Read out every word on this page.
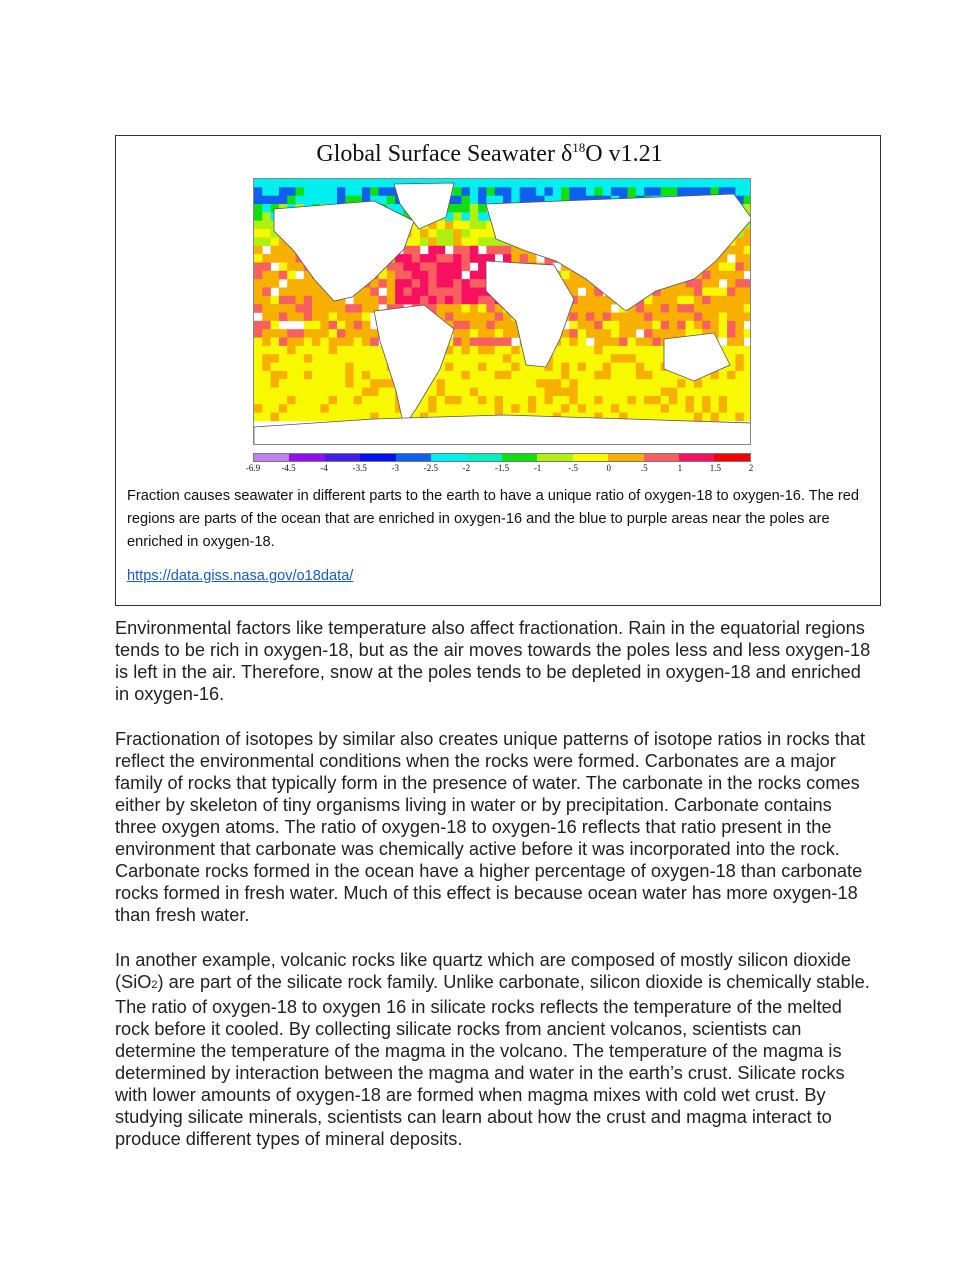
Global Surface Seawater $\delta^{18}O$ v1.21
-6.9 -4.5	-4	-3.5	-3	-2.5	-2	-1.5	-1	-.5	0	.5	1	1.5	2
Fraction causes seawater in different parts to the earth to have a unique ratio of oxygen-18 to oxygen-16. The red regions are parts of the ocean that are enriched in oxygen-16 and the blue to purple areas near the poles are enriched in oxygen-18.
https://data.giss.nasa.gov/o18data/
Environmental factors like temperature also affect fractionation. Rain in the equatorial regions tends to be rich in oxygen-18, but as the air moves towards the poles less and less oxygen-18 is left in the air. Therefore, snow at the poles tends to be depleted in oxygen-18 and enriched in oxygen-16.
Fractionation of isotopes by similar also creates unique patterns of isotope ratios in rocks that reflect the environmental conditions when the rocks were formed. Carbonates are a major family of rocks that typically form in the presence of water. The carbonate in the rocks comes either by skeleton of tiny organisms living in water or by precipitation. Carbonate contains three oxygen atoms. The ratio of oxygen-18 to oxygen-16 reflects that ratio present in the environment that carbonate was chemically active before it was incorporated into the rock. Carbonate rocks formed in the ocean have a higher percentage of oxygen-18 than carbonate rocks formed in fresh water. Much of this effect is because ocean water has more oxygen-18 than fresh water.
In another example, volcanic rocks like quartz which are composed of mostly silicon dioxide (SiO2) are part of the silicate rock family. Unlike carbonate, silicon dioxide is chemically stable. The ratio of oxygen-18 to oxygen 16 in silicate rocks reflects the temperature of the melted rock before it cooled. By collecting silicate rocks from ancient volcanos, scientists can determine the temperature of the magma in the volcano. The temperature of the magma is determined by interaction between the magma and water in the earth’s crust. Silicate rocks with lower amounts of oxygen-18 are formed when magma mixes with cold wet crust. By studying silicate minerals, scientists can learn about how the crust and magma interact to produce different types of mineral deposits.
